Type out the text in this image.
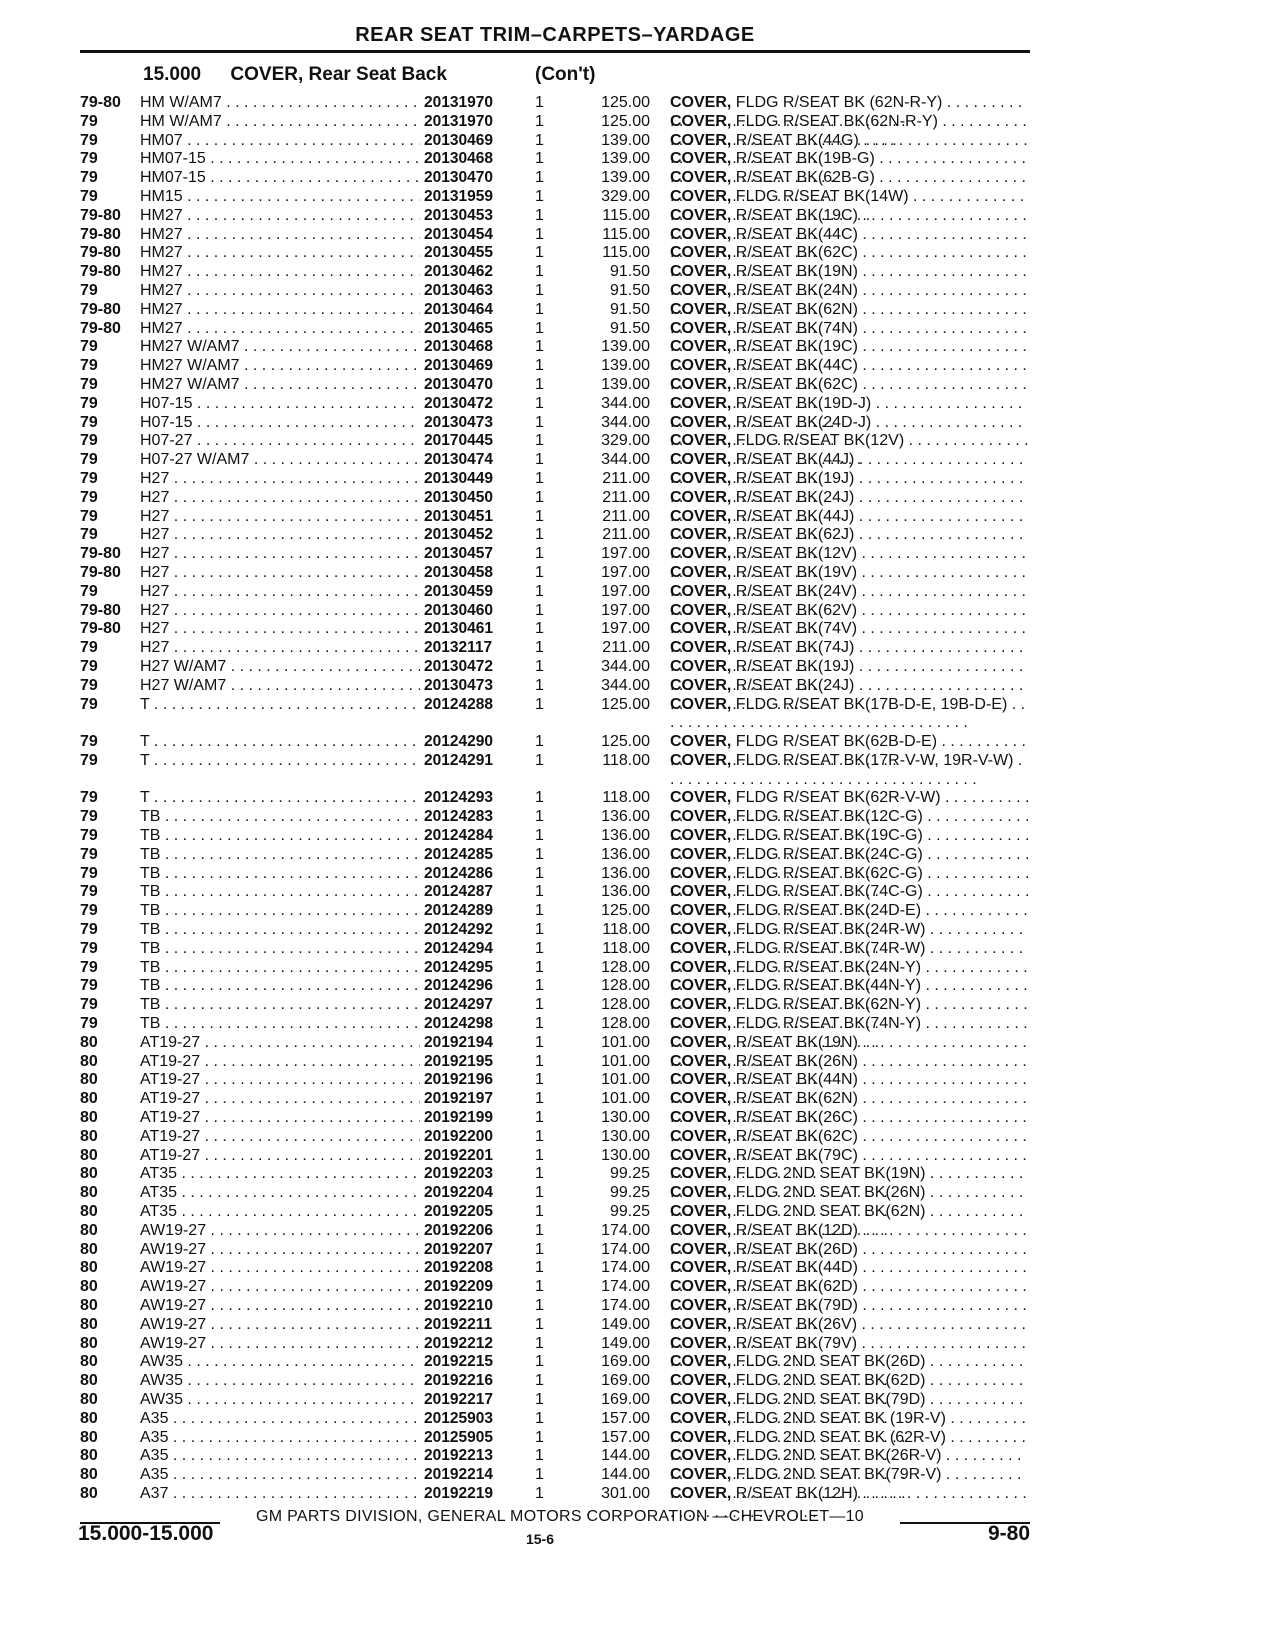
REAR SEAT TRIM–CARPETS–YARDAGE
15.000 COVER, Rear Seat Back	(Con't)
79-80	HM W/AM7 . . .	20131970	1	125.00 COVER, FLDG R/SEAT BK (62N-R-Y) . . .
79	HM W/AM7 . . .	20131970	1	125.00 COVER, FLDG R/SEAT BK(62N-R-Y) . . .
79	HM07 . . .	20130469	1	139.00 COVER, R/SEAT BK(44G) . . .
79	HM07-15 . . .	20130468	1	139.00 COVER, R/SEAT BK(19B-G) . . .
79	HM07-15 . . .	20130470	1	139.00 COVER, R/SEAT BK(62B-G) . . .
79	HM15 . . .	20131959	1	329.00 COVER, FLDG R/SEAT BK(14W) . . .
79-80	HM27 . . .	20130453	1	115.00 COVER, R/SEAT BK(19C) . . .
79-80	HM27 . . .	20130454	1	115.00 COVER, R/SEAT BK(44C) . . .
79-80	HM27 . . .	20130455	1	115.00 COVER, R/SEAT BK(62C) . . .
79-80	HM27 . . .	20130462	1	91.50 COVER, R/SEAT BK(19N) . . .
79	HM27 . . .	20130463	1	91.50 COVER, R/SEAT BK(24N) . . .
79-80	HM27 . . .	20130464	1	91.50 COVER, R/SEAT BK(62N) . . .
79-80	HM27 . . .	20130465	1	91.50 COVER, R/SEAT BK(74N) . . .
79	HM27 W/AM7 . . .	20130468	1	139.00 COVER, R/SEAT BK(19C) . . .
79	HM27 W/AM7 . . .	20130469	1	139.00 COVER, R/SEAT BK(44C) . . .
79	HM27 W/AM7 . . .	20130470	1	139.00 COVER, R/SEAT BK(62C) . . .
79	H07-15 . . .	20130472	1	344.00 COVER, R/SEAT BK(19D-J) . . .
79	H07-15 . . .	20130473	1	344.00 COVER, R/SEAT BK(24D-J) . . .
79	H07-27 . . .	20170445	1	329.00 COVER, FLDG R/SEAT BK(12V) . . .
79	H07-27 W/AM7 . . .	20130474	1	344.00 COVER, R/SEAT BK(44J) . . .
79	H27 . . .	20130449	1	211.00 COVER, R/SEAT BK(19J) . . .
79	H27 . . .	20130450	1	211.00 COVER, R/SEAT BK(24J) . . .
79	H27 . . .	20130451	1	211.00 COVER, R/SEAT BK(44J) . . .
79	H27 . . .	20130452	1	211.00 COVER, R/SEAT BK(62J) . . .
79-80	H27 . . .	20130457	1	197.00 COVER, R/SEAT BK(12V) . . .
79-80	H27 . . .	20130458	1	197.00 COVER, R/SEAT BK(19V) . . .
79	H27 . . .	20130459	1	197.00 COVER, R/SEAT BK(24V) . . .
79-80	H27 . . .	20130460	1	197.00 COVER, R/SEAT BK(62V) . . .
79-80	H27 . . .	20130461	1	197.00 COVER, R/SEAT BK(74V) . . .
79	H27 . . .	20132117	1	211.00 COVER, R/SEAT BK(74J) . . .
79	H27 W/AM7 . . .	20130472	1	344.00 COVER, R/SEAT BK(19J) . . .
79	H27 W/AM7 . . .	20130473	1	344.00 COVER, R/SEAT BK(24J) . . .
79	T . . .	20124288	1	125.00 COVER, FLDG R/SEAT BK(17B-D-E, 19B-D-E) . . .
79	T . . .	20124290	1	125.00 COVER, FLDG R/SEAT BK(62B-D-E) . . .
79	T . . .	20124291	1	118.00 COVER, FLDG R/SEAT BK(17R-V-W, 19R-V-W) . . .
79	T . . .	20124293	1	118.00 COVER, FLDG R/SEAT BK(62R-V-W) . . .
79	TB . . .	20124283	1	136.00 COVER, FLDG R/SEAT BK(12C-G) . . .
79	TB . . .	20124284	1	136.00 COVER, FLDG R/SEAT BK(19C-G) . . .
79	TB . . .	20124285	1	136.00 COVER, FLDG R/SEAT BK(24C-G) . . .
79	TB . . .	20124286	1	136.00 COVER, FLDG R/SEAT BK(62C-G) . . .
79	TB . . .	20124287	1	136.00 COVER, FLDG R/SEAT BK(74C-G) . . .
79	TB . . .	20124289	1	125.00 COVER, FLDG R/SEAT BK(24D-E) . . .
79	TB . . .	20124292	1	118.00 COVER, FLDG R/SEAT BK(24R-W) . . .
79	TB . . .	20124294	1	118.00 COVER, FLDG R/SEAT BK(74R-W) . . .
79	TB . . .	20124295	1	128.00 COVER, FLDG R/SEAT BK(24N-Y) . . .
79	TB . . .	20124296	1	128.00 COVER, FLDG R/SEAT BK(44N-Y) . . .
79	TB . . .	20124297	1	128.00 COVER, FLDG R/SEAT BK(62N-Y) . . .
79	TB . . .	20124298	1	128.00 COVER, FLDG R/SEAT BK(74N-Y) . . .
80	AT19-27 . . .	20192194	1	101.00 COVER, R/SEAT BK(19N) . . .
80	AT19-27 . . .	20192195	1	101.00 COVER, R/SEAT BK(26N) . . .
80	AT19-27 . . .	20192196	1	101.00 COVER, R/SEAT BK(44N) . . .
80	AT19-27 . . .	20192197	1	101.00 COVER, R/SEAT BK(62N) . . .
80	AT19-27 . . .	20192199	1	130.00 COVER, R/SEAT BK(26C) . . .
80	AT19-27 . . .	20192200	1	130.00 COVER, R/SEAT BK(62C) . . .
80	AT19-27 . . .	20192201	1	130.00 COVER, R/SEAT BK(79C) . . .
80	AT35 . . .	20192203	1	99.25 COVER, FLDG 2ND SEAT BK(19N) . . .
80	AT35 . . .	20192204	1	99.25 COVER, FLDG 2ND SEAT BK(26N) . . .
80	AT35 . . .	20192205	1	99.25 COVER, FLDG 2ND SEAT BK(62N) . . .
80	AW19-27 . . .	20192206	1	174.00 COVER, R/SEAT BK(12D) . . .
80	AW19-27 . . .	20192207	1	174.00 COVER, R/SEAT BK(26D) . . .
80	AW19-27 . . .	20192208	1	174.00 COVER, R/SEAT BK(44D) . . .
80	AW19-27 . . .	20192209	1	174.00 COVER, R/SEAT BK(62D) . . .
80	AW19-27 . . .	20192210	1	174.00 COVER, R/SEAT BK(79D) . . .
80	AW19-27 . . .	20192211	1	149.00 COVER, R/SEAT BK(26V) . . .
80	AW19-27 . . .	20192212	1	149.00 COVER, R/SEAT BK(79V) . . .
80	AW35 . . .	20192215	1	169.00 COVER, FLDG 2ND SEAT BK(26D) . . .
80	AW35 . . .	20192216	1	169.00 COVER, FLDG 2ND SEAT BK(62D) . . .
80	AW35 . . .	20192217	1	169.00 COVER, FLDG 2ND SEAT BK(79D) . . .
80	A35 . . .	20125903	1	157.00 COVER, FLDG 2ND SEAT BK (19R-V) . . .
80	A35 . . .	20125905	1	157.00 COVER, FLDG 2ND SEAT BK (62R-V) . . .
80	A35 . . .	20192213	1	144.00 COVER, FLDG 2ND SEAT BK(26R-V) . . .
80	A35 . . .	20192214	1	144.00 COVER, FLDG 2ND SEAT BK(79R-V) . . .
80	A37 . . .	20192219	1	301.00 COVER, R/SEAT BK(12H) . . .
GM PARTS DIVISION, GENERAL MOTORS CORPORATION —CHEVROLET—10
15.000-15.000	15-6	9-80
